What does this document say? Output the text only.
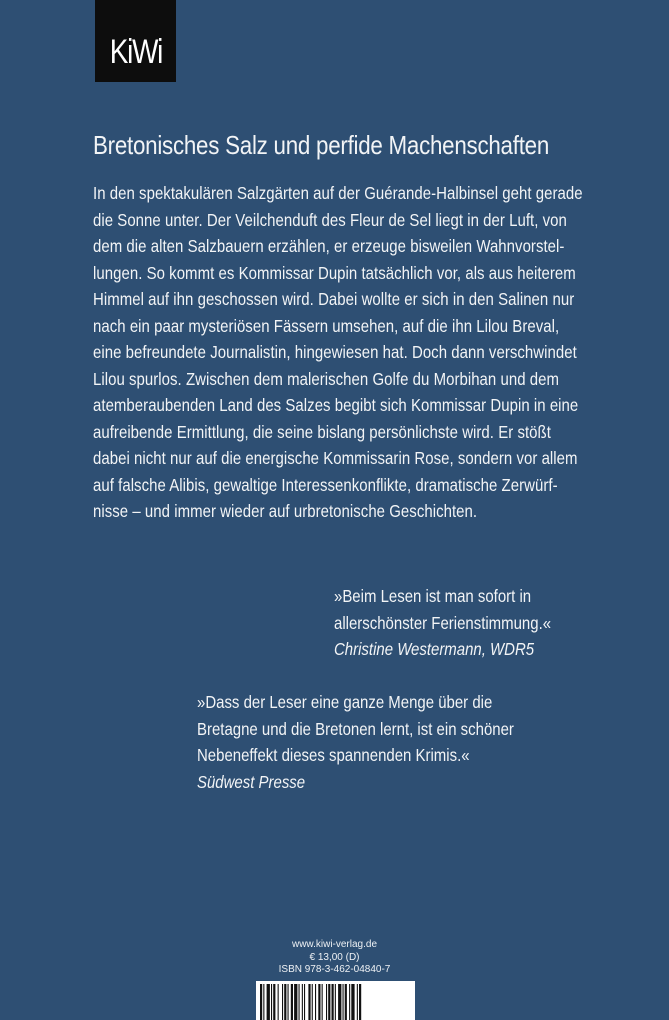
KiWi
Bretonisches Salz und perfide Machenschaften
In den spektakulären Salzgärten auf der Guérande-Halbinsel geht gerade
die Sonne unter. Der Veilchenduft des Fleur de Sel liegt in der Luft, von
dem die alten Salzbauern erzählen, er erzeuge bisweilen Wahnvorstel-
lungen. So kommt es Kommissar Dupin tatsächlich vor, als aus heiterem
Himmel auf ihn geschossen wird. Dabei wollte er sich in den Salinen nur
nach ein paar mysteriösen Fässern umsehen, auf die ihn Lilou Breval,
eine befreundete Journalistin, hingewiesen hat. Doch dann verschwindet
Lilou spurlos. Zwischen dem malerischen Golfe du Morbihan und dem
atemberaubenden Land des Salzes begibt sich Kommissar Dupin in eine
aufreibende Ermittlung, die seine bislang persönlichste wird. Er stößt
dabei nicht nur auf die energische Kommissarin Rose, sondern vor allem
auf falsche Alibis, gewaltige Interessenkonflikte, dramatische Zerwürf-
nisse – und immer wieder auf urbretonische Geschichten.
»Beim Lesen ist man sofort in
allerschönster Ferienstimmung.«
Christine Westermann, WDR5
»Dass der Leser eine ganze Menge über die
Bretagne und die Bretonen lernt, ist ein schöner
Nebeneffekt dieses spannenden Krimis.«
Südwest Presse
www.kiwi-verlag.de
€ 13,00 (D)
ISBN 978-3-462-04840-7
